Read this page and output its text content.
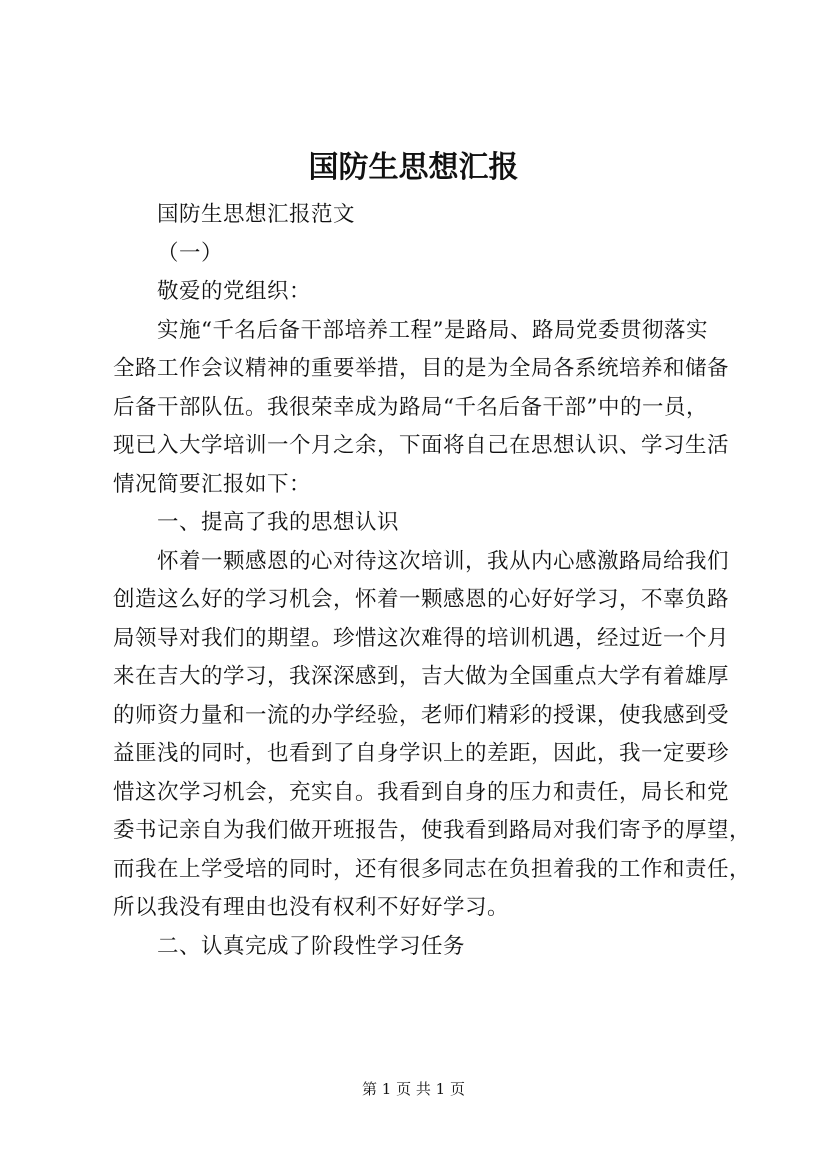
国防生思想汇报
国防生思想汇报范文
（一）
敬爱的党组织：
实施“千名后备干部培养工程”是路局、路局党委贯彻落实
全路工作会议精神的重要举措，目的是为全局各系统培养和储备
后备干部队伍。我很荣幸成为路局“千名后备干部”中的一员，
现已入大学培训一个月之余，下面将自己在思想认识、学习生活
情况简要汇报如下：
一、提高了我的思想认识
怀着一颗感恩的心对待这次培训，我从内心感激路局给我们
创造这么好的学习机会，怀着一颗感恩的心好好学习，不辜负路
局领导对我们的期望。珍惜这次难得的培训机遇，经过近一个月
来在吉大的学习，我深深感到，吉大做为全国重点大学有着雄厚
的师资力量和一流的办学经验，老师们精彩的授课，使我感到受
益匪浅的同时，也看到了自身学识上的差距，因此，我一定要珍
惜这次学习机会，充实自。我看到自身的压力和责任，局长和党
委书记亲自为我们做开班报告，使我看到路局对我们寄予的厚望，
而我在上学受培的同时，还有很多同志在负担着我的工作和责任，
所以我没有理由也没有权利不好好学习。
二、认真完成了阶段性学习任务
第 1 页 共 1 页
